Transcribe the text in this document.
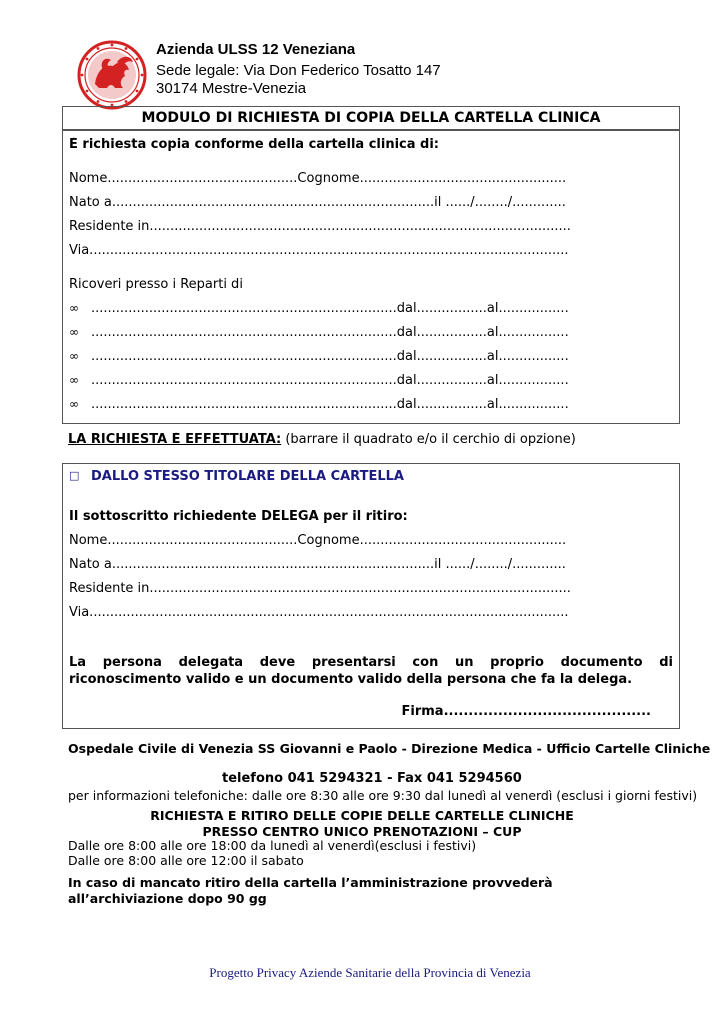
Azienda ULSS 12 Veneziana
Sede legale: Via Don Federico Tosatto 147
30174 Mestre-Venezia
MODULO DI RICHIESTA DI COPIA DELLA CARTELLA CLINICA
È richiesta copia conforme della cartella clinica di:
Nome..............................................Cognome..................................................
Nato a..............................................................................il ....../......../.............
Residente in......................................................................................................
Via....................................................................................................................
Ricoveri presso i Reparti di
∞ ..........................................................................dal.................al.................
∞ ..........................................................................dal.................al.................
∞ ..........................................................................dal.................al.................
∞ ..........................................................................dal.................al.................
∞ ..........................................................................dal.................al.................
LA RICHIESTA È EFFETTUATA: (barrare il quadrato e/o il cerchio di opzione)
□ DALLO STESSO TITOLARE DELLA CARTELLA
Il sottoscritto richiedente DELEGA per il ritiro:
Nome..............................................Cognome..................................................
Nato a..............................................................................il ....../......../.............
Residente in......................................................................................................
Via....................................................................................................................
La persona delegata deve presentarsi con un proprio documento di riconoscimento valido e un documento valido della persona che fa la delega.
Firma..........................................
Ospedale Civile di Venezia SS Giovanni e Paolo - Direzione Medica - Ufficio Cartelle Cliniche
telefono 041 5294321 - Fax 041 5294560
per informazioni telefoniche: dalle ore 8:30 alle ore 9:30 dal lunedì al venerdì (esclusi i giorni festivi)
RICHIESTA E RITIRO DELLE COPIE DELLE CARTELLE CLINICHE
PRESSO CENTRO UNICO PRENOTAZIONI – CUP
Dalle ore 8:00 alle ore 18:00 da lunedì al venerdì(esclusi i festivi)
Dalle ore 8:00 alle ore 12:00 il sabato
In caso di mancato ritiro della cartella l’amministrazione provvederà all’archiviazione dopo 90 gg
Progetto Privacy Aziende Sanitarie della Provincia di Venezia
